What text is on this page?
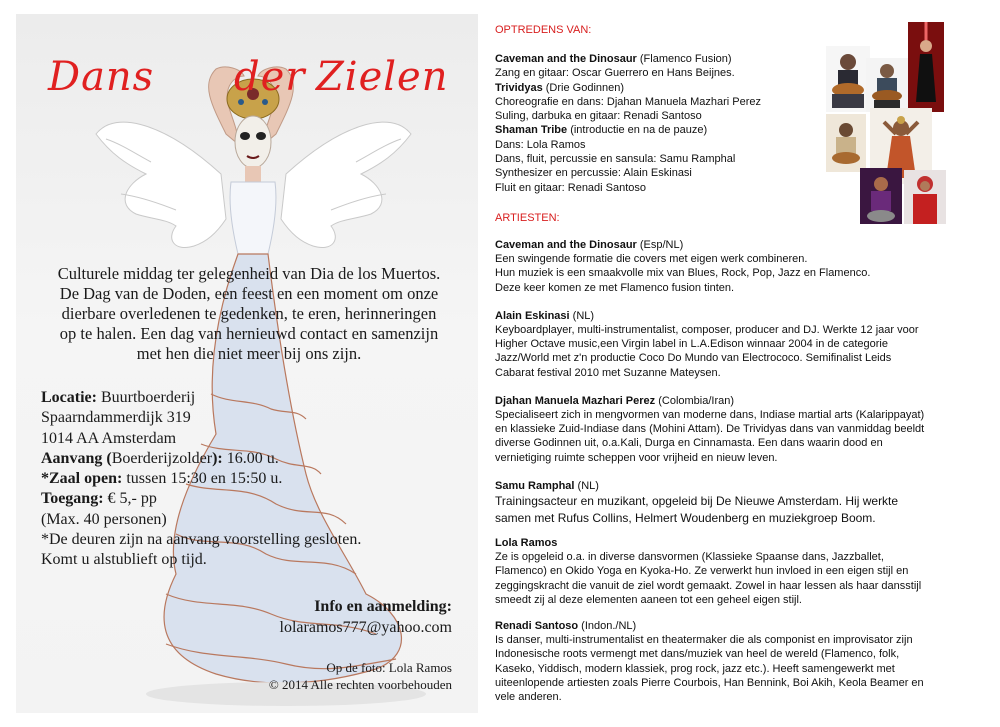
Dans der Zielen
Culturele middag ter gelegenheid van Dia de los Muertos.
De Dag van de Doden, een feest en een moment om onze
dierbare overledenen te gedenken, te eren, herinneringen
op te halen. Een dag van hernieuwd contact en samenzijn
met hen die niet meer bij ons zijn.
Locatie: Buurtboerderij
Spaarndammerdijk 319
1014 AA Amsterdam
Aanvang (Boerderijzolder): 16.00 u.
*Zaal open: tussen 15:30 en 15:50 u.
Toegang: € 5,- pp
(Max. 40 personen)
*De deuren zijn na aanvang voorstelling gesloten.
Komt u alstublieft op tijd.
Info en aanmelding:
lolaramos777@yahoo.com
Op de foto: Lola Ramos
© 2014 Alle rechten voorbehouden
OPTREDENS VAN:
Caveman and the Dinosaur (Flamenco Fusion)
Zang en gitaar: Oscar Guerrero en Hans Beijnes.
Trividyas (Drie Godinnen)
Choreografie en dans: Djahan Manuela Mazhari Perez
Suling, darbuka en gitaar: Renadi Santoso
Shaman Tribe (introductie en na de pauze)
Dans: Lola Ramos
Dans, fluit, percussie en sansula: Samu Ramphal
Synthesizer en percussie: Alain Eskinasi
Fluit en gitaar: Renadi Santoso
ARTIESTEN:
Caveman and the Dinosaur (Esp/NL)
Een swingende formatie die covers met eigen werk combineren.
Hun muziek is een smaakvolle mix van Blues, Rock, Pop, Jazz en Flamenco.
Deze keer komen ze met Flamenco fusion tinten.
Alain Eskinasi (NL)
Keyboardplayer, multi-instrumentalist, composer, producer and DJ. Werkte 12 jaar voor
Higher Octave music,een Virgin label in L.A.Edison winnaar 2004 in de categorie
Jazz/World met z'n productie Coco Do Mundo van Electrococo. Semifinalist Leids
Cabarat festival 2010 met Suzanne Mateysen.
Djahan Manuela Mazhari Perez (Colombia/Iran)
Specialiseert zich in mengvormen van moderne dans, Indiase martial arts (Kalarippayat)
en klassieke Zuid-Indiase dans (Mohini Attam). De Trividyas dans van vanmiddag beeldt
diverse Godinnen uit, o.a.Kali, Durga en Cinnamasta. Een dans waarin dood en
vernietiging ruimte scheppen voor vrijheid en nieuw leven.
Samu Ramphal (NL)
Trainingsacteur en muzikant, opgeleid bij De Nieuwe Amsterdam. Hij werkte
samen met Rufus Collins, Helmert Woudenberg en muziekgroep Boom.
Lola Ramos
Ze is opgeleid o.a. in diverse dansvormen (Klassieke Spaanse dans, Jazzballet,
Flamenco) en Okido Yoga en Kyoka-Ho. Ze verwerkt hun invloed in een eigen stijl en
zeggingskracht die vanuit de ziel wordt gemaakt. Zowel in haar lessen als haar dansstijl
smeedt zij al deze elementen aaneen tot een geheel eigen stijl.
Renadi Santoso (Indon./NL)
Is danser, multi-instrumentalist en theatermaker die als componist en improvisator zijn
Indonesische roots vermengt met dans/muziek van heel de wereld (Flamenco, folk,
Kaseko, Yiddisch, modern klassiek, prog rock, jazz etc.). Heeft samengewerkt met
uiteenlopende artiesten zoals Pierre Courbois, Han Bennink, Boi Akih, Keola Beamer en
vele anderen.
